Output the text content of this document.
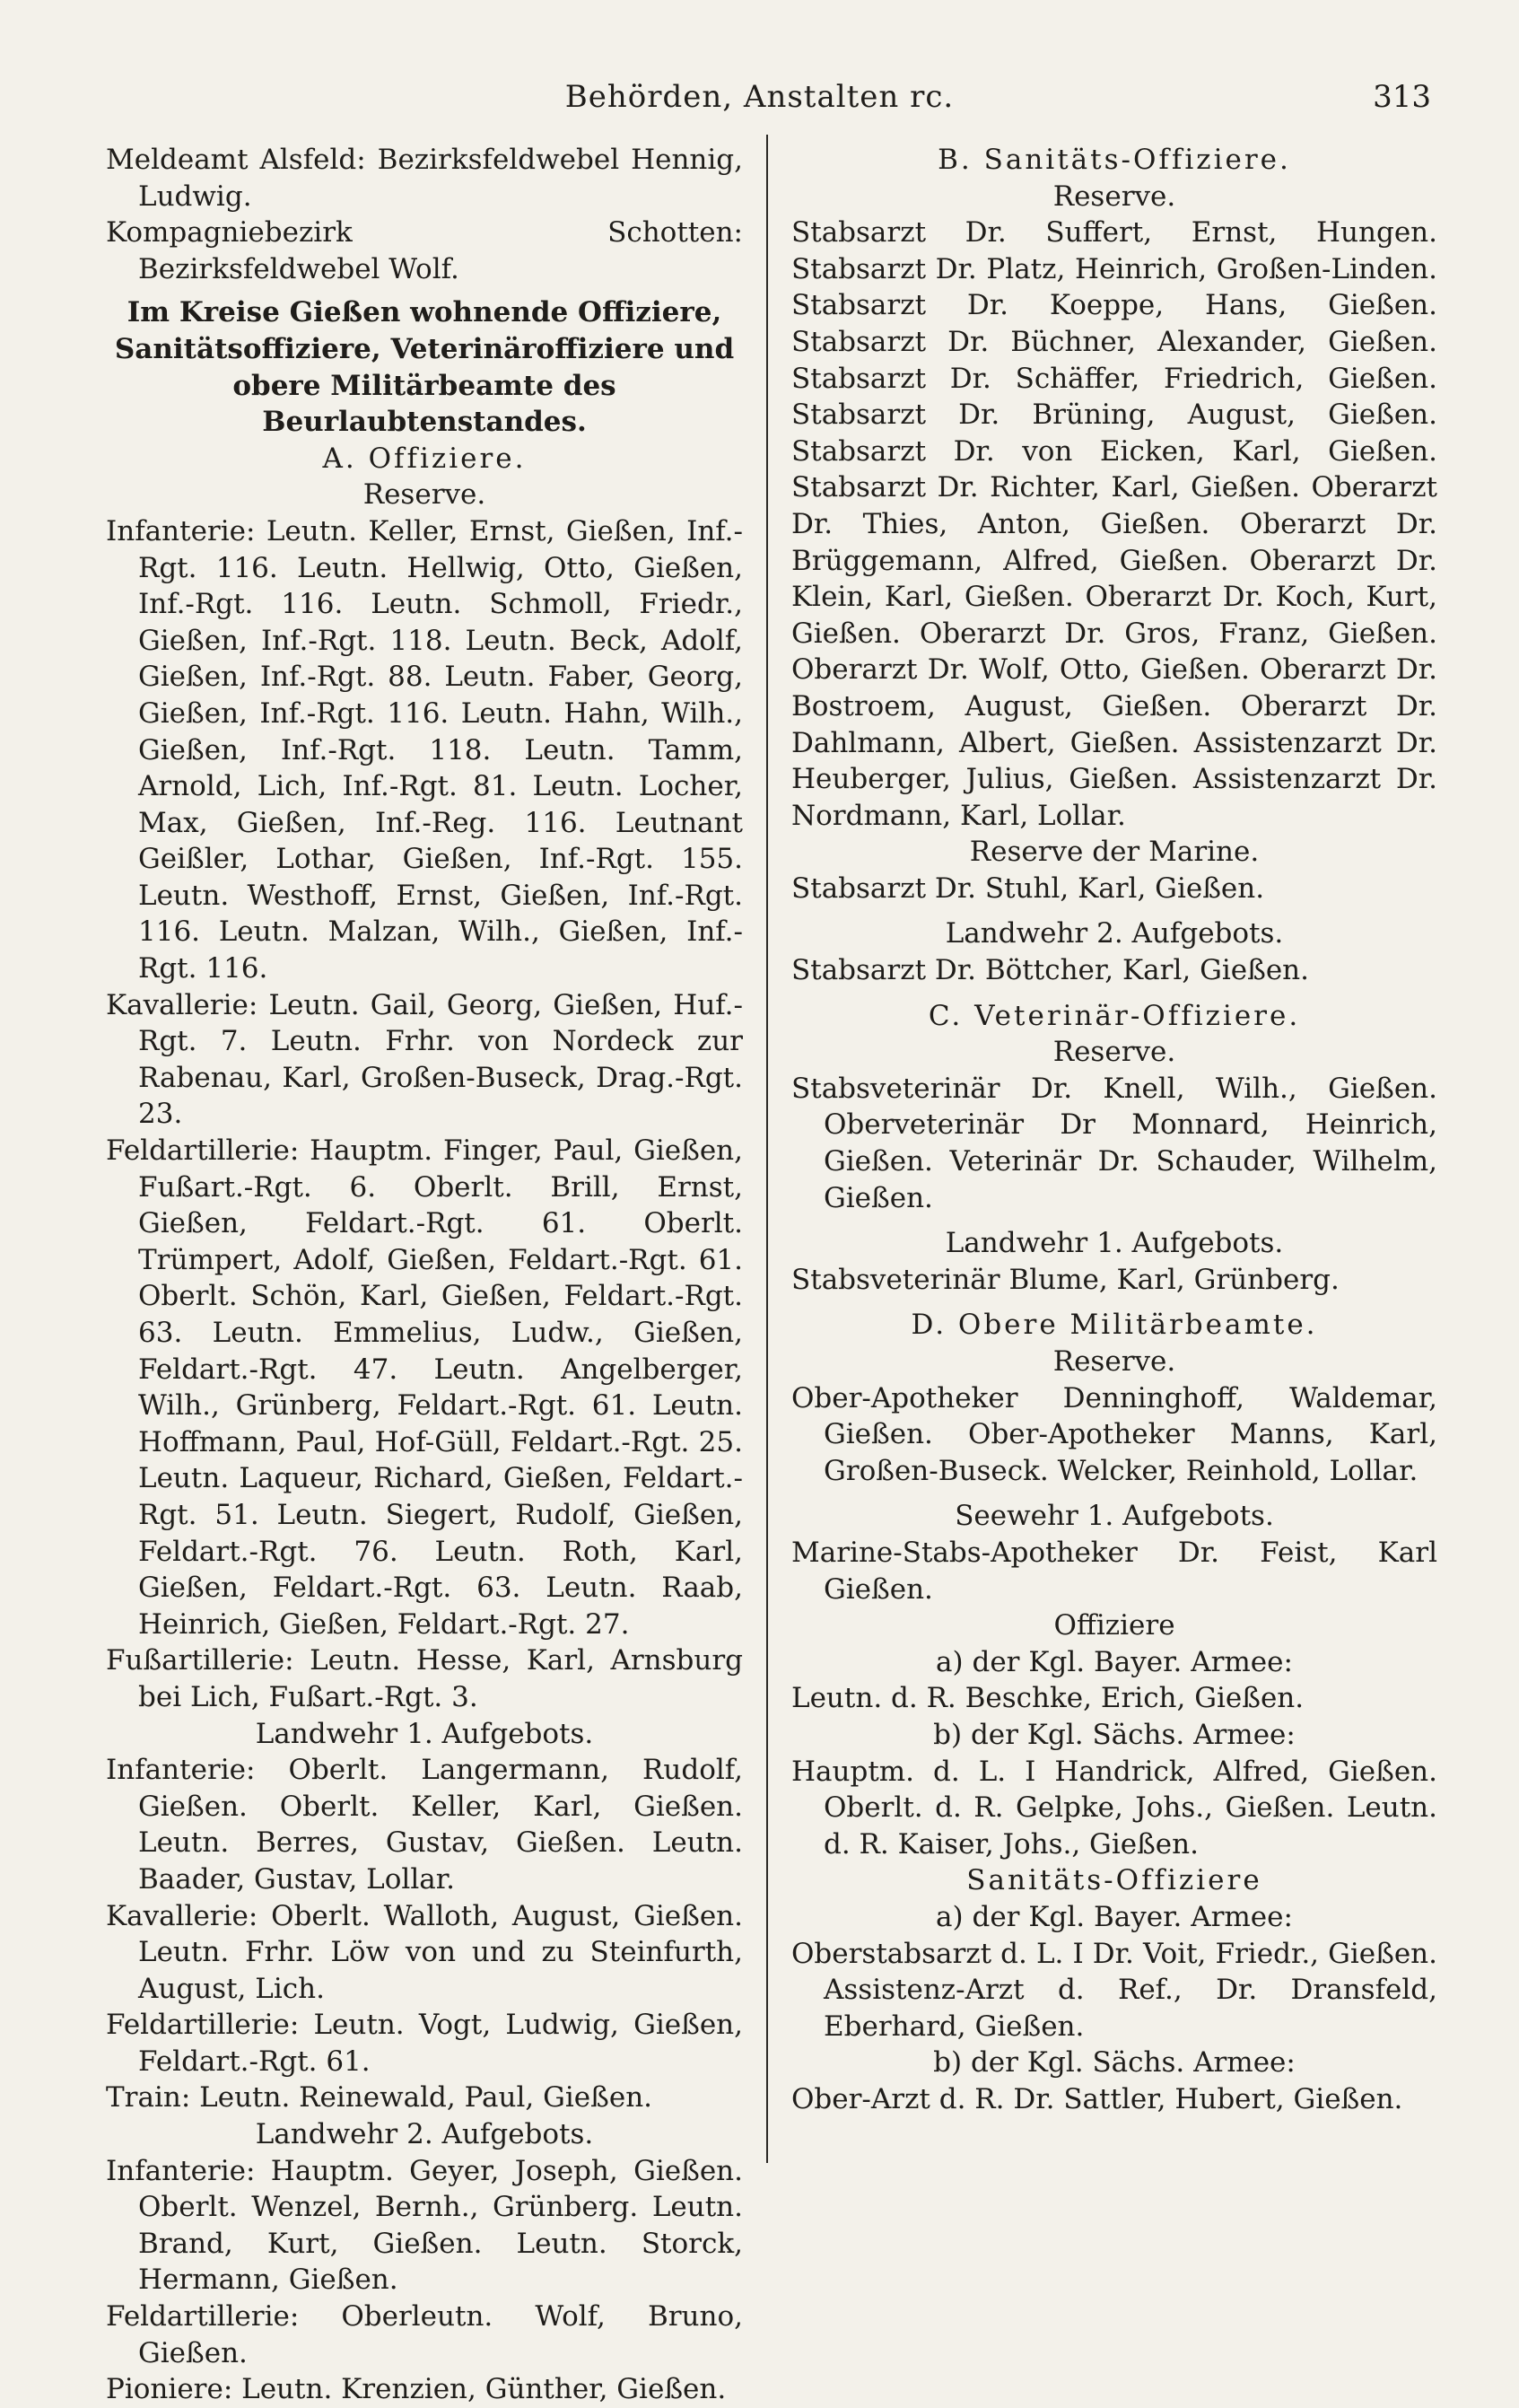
Behörden, Anstalten rc.	313

Meldeamt Alsfeld: Bezirksfeldwebel Hennig, Ludwig.

Kompagniebezirk Schotten: Bezirksfeldwebel Wolf.

Im Kreise Gießen wohnende Offiziere, Sanitätsoffiziere, Veterinäroffiziere und obere Militärbeamte des Beurlaubtenstandes.

A. Offiziere.

Reserve.

Infanterie: Leutn. Keller, Ernst, Gießen, Inf.-Rgt. 116. Leutn. Hellwig, Otto, Gießen, Inf.-Rgt. 116. Leutn. Schmoll, Friedr., Gießen, Inf.-Rgt. 118. Leutn. Beck, Adolf, Gießen, Inf.-Rgt. 88. Leutn. Faber, Georg, Gießen, Inf.-Rgt. 116. Leutn. Hahn, Wilh., Gießen, Inf.-Rgt. 118. Leutn. Tamm, Arnold, Lich, Inf.-Rgt. 81. Leutn. Locher, Max, Gießen, Inf.-Reg. 116. Leutnant Geißler, Lothar, Gießen, Inf.-Rgt. 155. Leutn. Westhoff, Ernst, Gießen, Inf.-Rgt. 116. Leutn. Malzan, Wilh., Gießen, Inf.-Rgt. 116.

Kavallerie: Leutn. Gail, Georg, Gießen, Huf.-Rgt. 7. Leutn. Frhr. von Nordeck zur Rabenau, Karl, Großen-Buseck, Drag.-Rgt. 23.

Feldartillerie: Hauptm. Finger, Paul, Gießen, Fußart.-Rgt. 6. Oberlt. Brill, Ernst, Gießen, Feldart.-Rgt. 61. Oberlt. Trümpert, Adolf, Gießen, Feldart.-Rgt. 61. Oberlt. Schön, Karl, Gießen, Feldart.-Rgt. 63. Leutn. Emmelius, Ludw., Gießen, Feldart.-Rgt. 47. Leutn. Angelberger, Wilh., Grünberg, Feldart.-Rgt. 61. Leutn. Hoffmann, Paul, Hof-Güll, Feldart.-Rgt. 25. Leutn. Laqueur, Richard, Gießen, Feldart.-Rgt. 51. Leutn. Siegert, Rudolf, Gießen, Feldart.-Rgt. 76. Leutn. Roth, Karl, Gießen, Feldart.-Rgt. 63. Leutn. Raab, Heinrich, Gießen, Feldart.-Rgt. 27.

Fußartillerie: Leutn. Hesse, Karl, Arnsburg bei Lich, Fußart.-Rgt. 3.

Landwehr 1. Aufgebots.

Infanterie: Oberlt. Langermann, Rudolf, Gießen. Oberlt. Keller, Karl, Gießen. Leutn. Berres, Gustav, Gießen. Leutn. Baader, Gustav, Lollar.

Kavallerie: Oberlt. Walloth, August, Gießen. Leutn. Frhr. Löw von und zu Steinfurth, August, Lich.

Feldartillerie: Leutn. Vogt, Ludwig, Gießen, Feldart.-Rgt. 61.

Train: Leutn. Reinewald, Paul, Gießen.

Landwehr 2. Aufgebots.

Infanterie: Hauptm. Geyer, Joseph, Gießen. Oberlt. Wenzel, Bernh., Grünberg. Leutn. Brand, Kurt, Gießen. Leutn. Storck, Hermann, Gießen.

Feldartillerie: Oberleutn. Wolf, Bruno, Gießen.

Pioniere: Leutn. Krenzien, Günther, Gießen.

B. Sanitäts-Offiziere.

Reserve.

Stabsarzt Dr. Suffert, Ernst, Hungen. Stabsarzt Dr. Platz, Heinrich, Großen-Linden. Stabsarzt Dr. Koeppe, Hans, Gießen. Stabsarzt Dr. Büchner, Alexander, Gießen. Stabsarzt Dr. Schäffer, Friedrich, Gießen. Stabsarzt Dr. Brüning, August, Gießen. Stabsarzt Dr. von Eicken, Karl, Gießen. Stabsarzt Dr. Richter, Karl, Gießen. Oberarzt Dr. Thies, Anton, Gießen. Oberarzt Dr. Brüggemann, Alfred, Gießen. Oberarzt Dr. Klein, Karl, Gießen. Oberarzt Dr. Koch, Kurt, Gießen. Oberarzt Dr. Gros, Franz, Gießen. Oberarzt Dr. Wolf, Otto, Gießen. Oberarzt Dr. Bostroem, August, Gießen. Oberarzt Dr. Dahlmann, Albert, Gießen. Assistenzarzt Dr. Heuberger, Julius, Gießen. Assistenzarzt Dr. Nordmann, Karl, Lollar.

Reserve der Marine.

Stabsarzt Dr. Stuhl, Karl, Gießen.

Landwehr 2. Aufgebots.

Stabsarzt Dr. Böttcher, Karl, Gießen.

C. Veterinär-Offiziere.

Reserve.

Stabsveterinär Dr. Knell, Wilh., Gießen. Oberveterinär Dr Monnard, Heinrich, Gießen. Veterinär Dr. Schauder, Wilhelm, Gießen.

Landwehr 1. Aufgebots.

Stabsveterinär Blume, Karl, Grünberg.

D. Obere Militärbeamte.

Reserve.

Ober-Apotheker Denninghoff, Waldemar, Gießen. Ober-Apotheker Manns, Karl, Großen-Buseck. Welcker, Reinhold, Lollar.

Seewehr 1. Aufgebots.

Marine-Stabs-Apotheker Dr. Feist, Karl Gießen.

Offiziere

a) der Kgl. Bayer. Armee:

Leutn. d. R. Beschke, Erich, Gießen.

b) der Kgl. Sächs. Armee:

Hauptm. d. L. I Handrick, Alfred, Gießen. Oberlt. d. R. Gelpke, Johs., Gießen. Leutn. d. R. Kaiser, Johs., Gießen.

Sanitäts-Offiziere

a) der Kgl. Bayer. Armee:

Oberstabsarzt d. L. I Dr. Voit, Friedr., Gießen. Assistenz-Arzt d. Ref., Dr. Dransfeld, Eberhard, Gießen.

b) der Kgl. Sächs. Armee:

Ober-Arzt d. R. Dr. Sattler, Hubert, Gießen.
